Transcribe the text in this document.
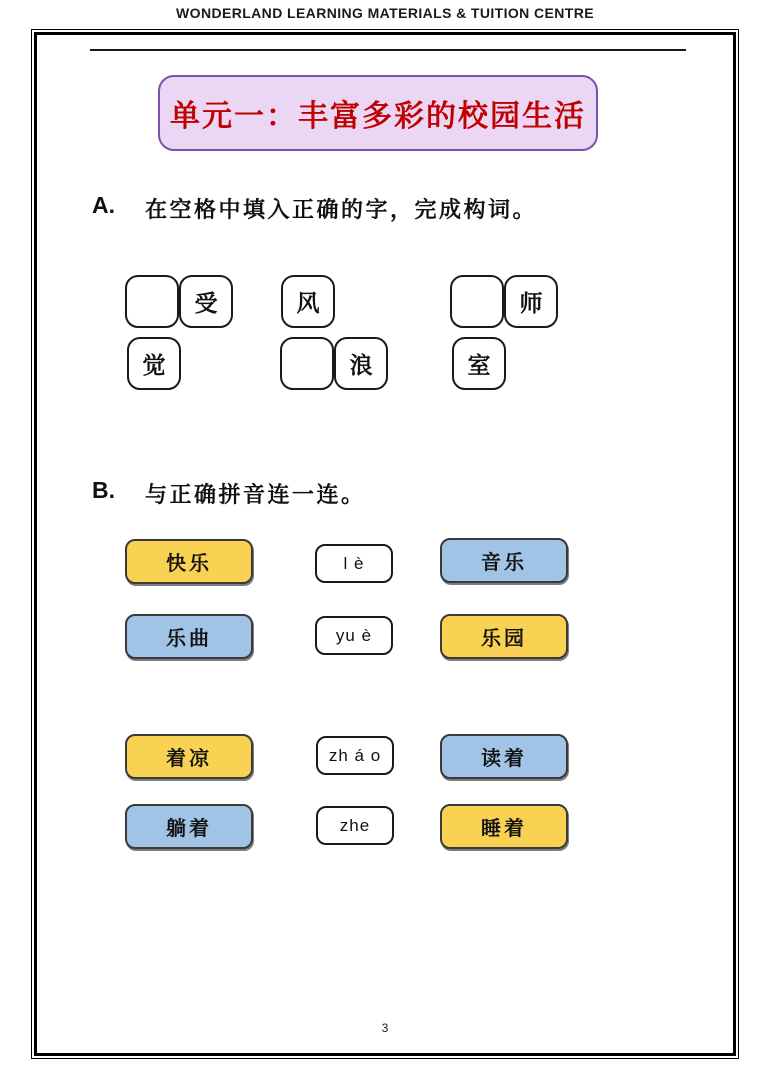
WONDERLAND LEARNING MATERIALS & TUITION CENTRE
单元一：丰富多彩的校园生活
A. 在空格中填入正确的字，完成构词。
受
觉
风
浪
师
室
B. 与正确拼音连一连。
快乐	l è	音乐
乐曲	yu è	乐园
着凉	zh á o	读着
躺着	zhe	睡着
3
